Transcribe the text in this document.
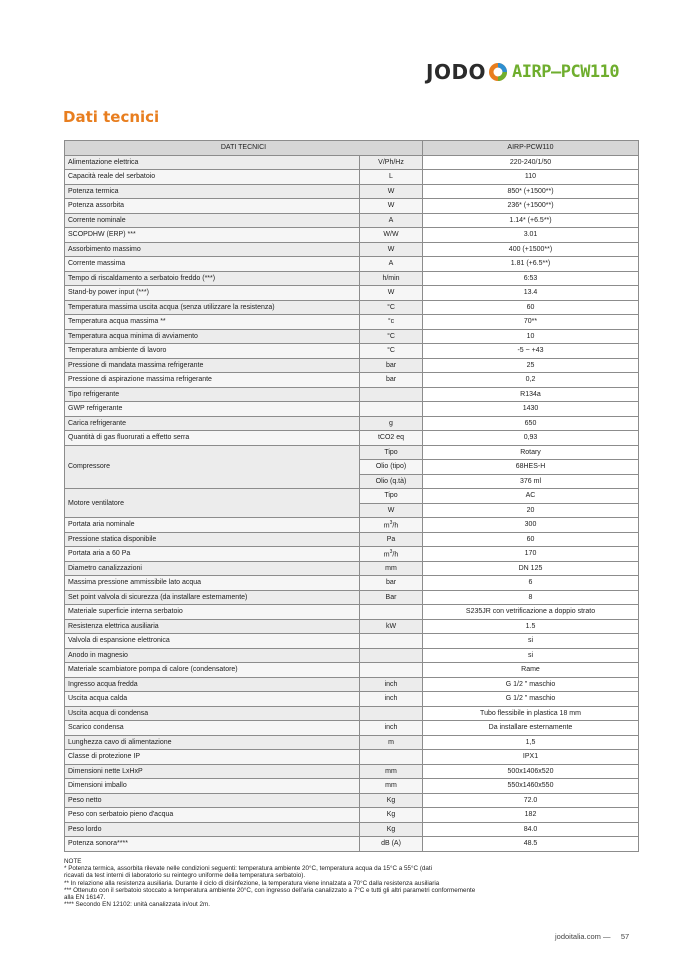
JODO AIRP–PCW110
Dati tecnici
DATI TECNICI		AIRP-PCW110
Alimentazione elettrica	V/Ph/Hz	220-240/1/50
Capacità reale del serbatoio	L	110
Potenza termica	W	850* (+1500**)
Potenza assorbita	W	236* (+1500**)
Corrente nominale	A	1.14* (+6.5**)
SCOPDHW (ERP) ***	W/W	3.01
Assorbimento massimo	W	400 (+1500**)
Corrente massima	A	1.81 (+6.5**)
Tempo di riscaldamento a serbatoio freddo (***)	h/min	6:53
Stand-by power input (***)	W	13.4
Temperatura massima uscita acqua (senza utilizzare la resistenza)	°C	60
Temperatura acqua massima **	°c	70**
Temperatura acqua minima di avviamento	°C	10
Temperatura ambiente di lavoro	°C	-5 ~ +43
Pressione di mandata massima refrigerante	bar	25
Pressione di aspirazione massima refrigerante	bar	0,2
Tipo refrigerante		R134a
GWP refrigerante		1430
Carica refrigerante	g	650
Quantità di gas fluorurati a effetto serra	tCO2 eq	0,93
Compressore	Tipo	Rotary
	Olio (tipo)	68HES-H
	Olio (q.tà)	376 ml
Motore ventilatore	Tipo	AC
	W	20
Portata aria nominale	$m^3/h$	300
Pressione statica disponibile	Pa	60
Portata aria a 60 Pa	$m^3/h$	170
Diametro canalizzazioni	mm	DN 125
Massima pressione ammissibile lato acqua	bar	6
Set point valvola di sicurezza (da installare esternamente)	Bar	8
Materiale superficie interna serbatoio		S235JR con vetrificazione a doppio strato
Resistenza elettrica ausiliaria	kW	1.5
Valvola di espansione elettronica		si
Anodo in magnesio		si
Materiale scambiatore pompa di calore (condensatore)		Rame
Ingresso acqua fredda	inch	G 1/2 " maschio
Uscita acqua calda	inch	G 1/2 " maschio
Uscita acqua di condensa		Tubo flessibile in plastica 18 mm
Scarico condensa	inch	Da installare esternamente
Lunghezza cavo di alimentazione	m	1,5
Classe di protezione IP		IPX1
Dimensioni nette LxHxP	mm	500x1406x520
Dimensioni imballo	mm	550x1460x550
Peso netto	Kg	72.0
Peso con serbatoio pieno d'acqua	Kg	182
Peso lordo	Kg	84.0
Potenza sonora****	dB (A)	48.5
NOTE
* Potenza termica, assorbita rilevate nelle condizioni seguenti: temperatura ambiente 20°C, temperatura acqua da 15°C a 55°C (dati
ricavati da test interni di laboratorio su reintegro uniforme della temperatura serbatoio).
** In relazione alla resistenza ausiliaria. Durante il ciclo di disinfezione, la temperatura viene innalzata a 70°C dalla resistenza ausiliaria
*** Ottenuto con il serbatoio stoccato a temperatura ambiente 20°C, con ingresso dell'aria canalizzato a 7°C e tutti gli altri parametri conformemente
alla EN 16147.
**** Secondo EN 12102: unità canalizzata in/out 2m.
jodoitalia.com — 57
